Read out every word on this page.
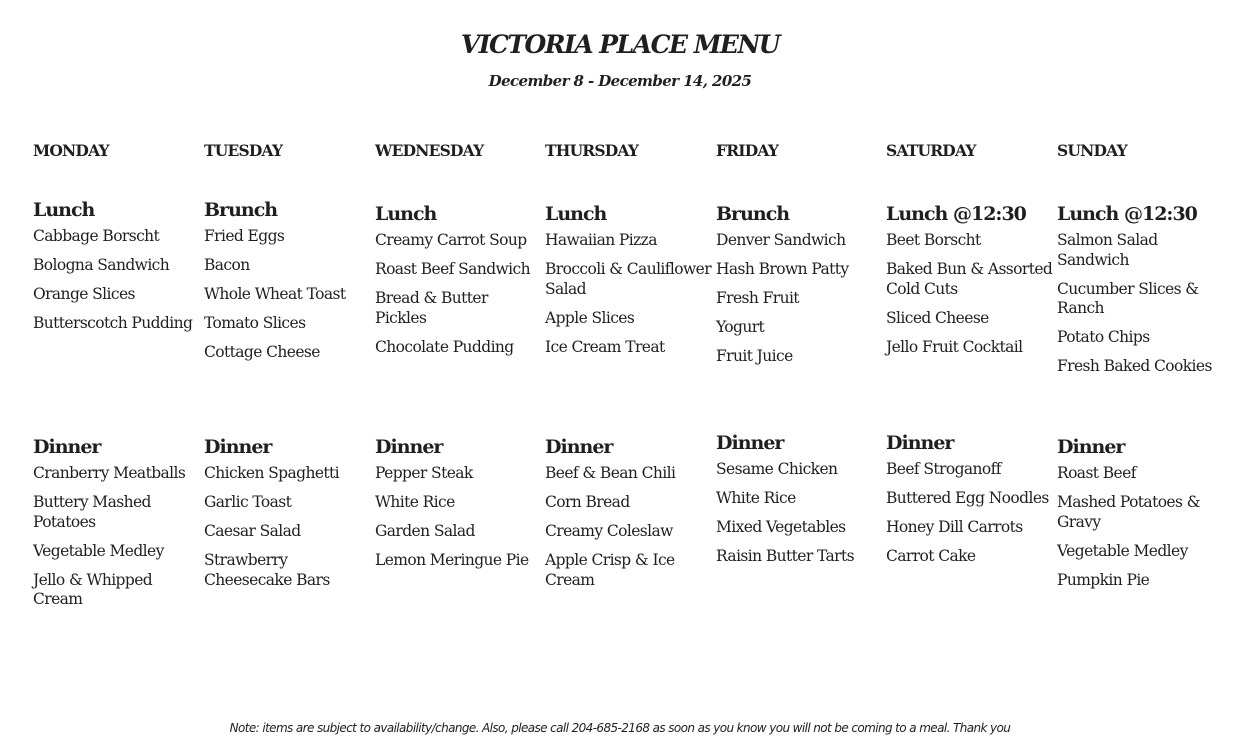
VICTORIA PLACE MENU
December 8 - December 14, 2025
MONDAY
Lunch
Cabbage Borscht
Bologna Sandwich
Orange Slices
Butterscotch Pudding
Dinner
Cranberry Meatballs
Buttery Mashed Potatoes
Vegetable Medley
Jello & Whipped Cream
TUESDAY
Brunch
Fried Eggs
Bacon
Whole Wheat Toast
Tomato Slices
Cottage Cheese
Dinner
Chicken Spaghetti
Garlic Toast
Caesar Salad
Strawberry Cheesecake Bars
WEDNESDAY
Lunch
Creamy Carrot Soup
Roast Beef Sandwich
Bread & Butter Pickles
Chocolate Pudding
Dinner
Pepper Steak
White Rice
Garden Salad
Lemon Meringue Pie
THURSDAY
Lunch
Hawaiian Pizza
Broccoli & Cauliflower Salad
Apple Slices
Ice Cream Treat
Dinner
Beef & Bean Chili
Corn Bread
Creamy Coleslaw
Apple Crisp & Ice Cream
FRIDAY
Brunch
Denver Sandwich
Hash Brown Patty
Fresh Fruit
Yogurt
Fruit Juice
Dinner
Sesame Chicken
White Rice
Mixed Vegetables
Raisin Butter Tarts
SATURDAY
Lunch @12:30
Beet Borscht
Baked Bun & Assorted Cold Cuts
Sliced Cheese
Jello Fruit Cocktail
Dinner
Beef Stroganoff
Buttered Egg Noodles
Honey Dill Carrots
Carrot Cake
SUNDAY
Lunch @12:30
Salmon Salad Sandwich
Cucumber Slices & Ranch
Potato Chips
Fresh Baked Cookies
Dinner
Roast Beef
Mashed Potatoes & Gravy
Vegetable Medley
Pumpkin Pie
Note: items are subject to availability/change. Also, please call 204-685-2168 as soon as you know you will not be coming to a meal. Thank you
